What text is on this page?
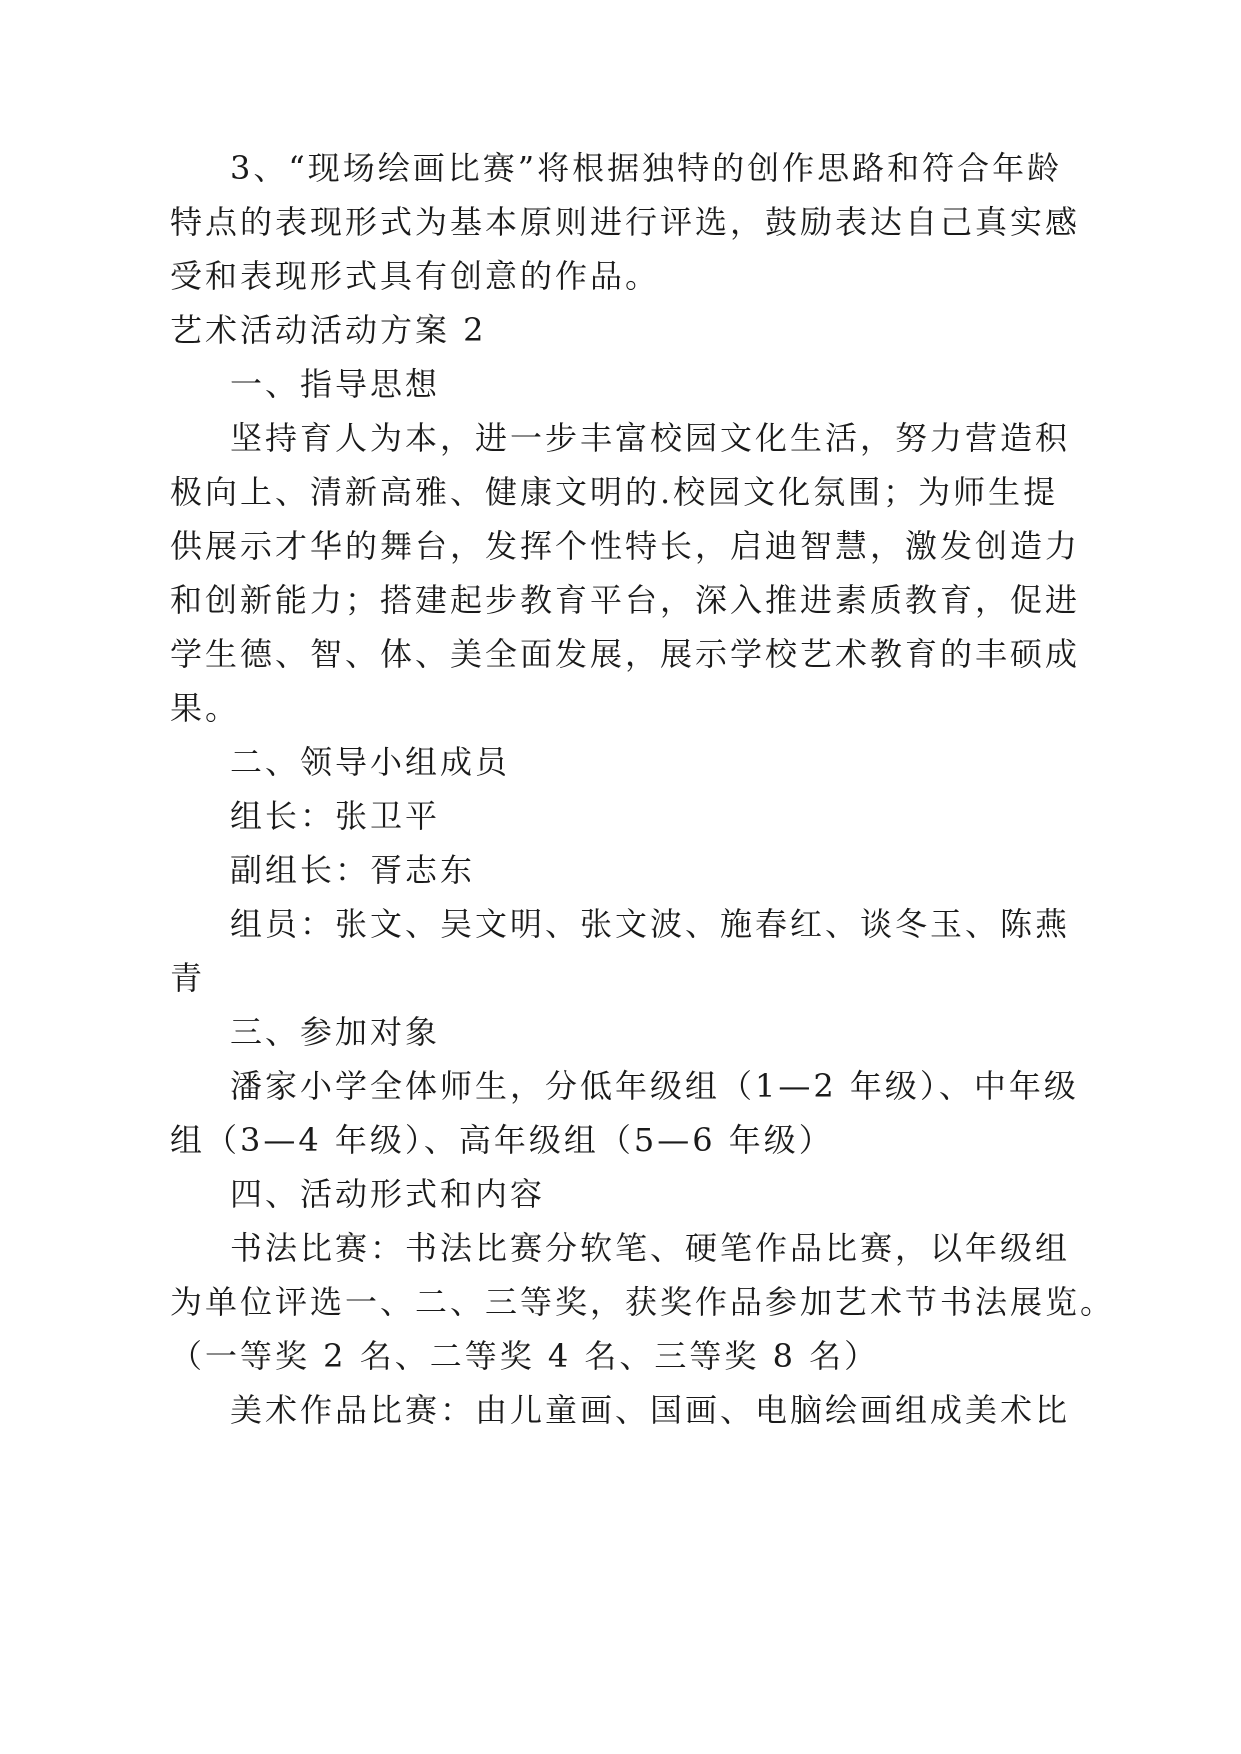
3、“现场绘画比赛”将根据独特的创作思路和符合年龄
特点的表现形式为基本原则进行评选，鼓励表达自己真实感
受和表现形式具有创意的作品。
艺术活动活动方案 2
一、指导思想
坚持育人为本，进一步丰富校园文化生活，努力营造积
极向上、清新高雅、健康文明的.校园文化氛围；为师生提
供展示才华的舞台，发挥个性特长，启迪智慧，激发创造力
和创新能力；搭建起步教育平台，深入推进素质教育，促进
学生德、智、体、美全面发展，展示学校艺术教育的丰硕成
果。
二、领导小组成员
组长：张卫平
副组长：胥志东
组员：张文、吴文明、张文波、施春红、谈冬玉、陈燕
青
三、参加对象
潘家小学全体师生，分低年级组（1—2 年级）、中年级
组（3—4 年级）、高年级组（5—6 年级）
四、活动形式和内容
书法比赛：书法比赛分软笔、硬笔作品比赛，以年级组
为单位评选一、二、三等奖，获奖作品参加艺术节书法展览。
（一等奖 2 名、二等奖 4 名、三等奖 8 名）
美术作品比赛：由儿童画、国画、电脑绘画组成美术比
